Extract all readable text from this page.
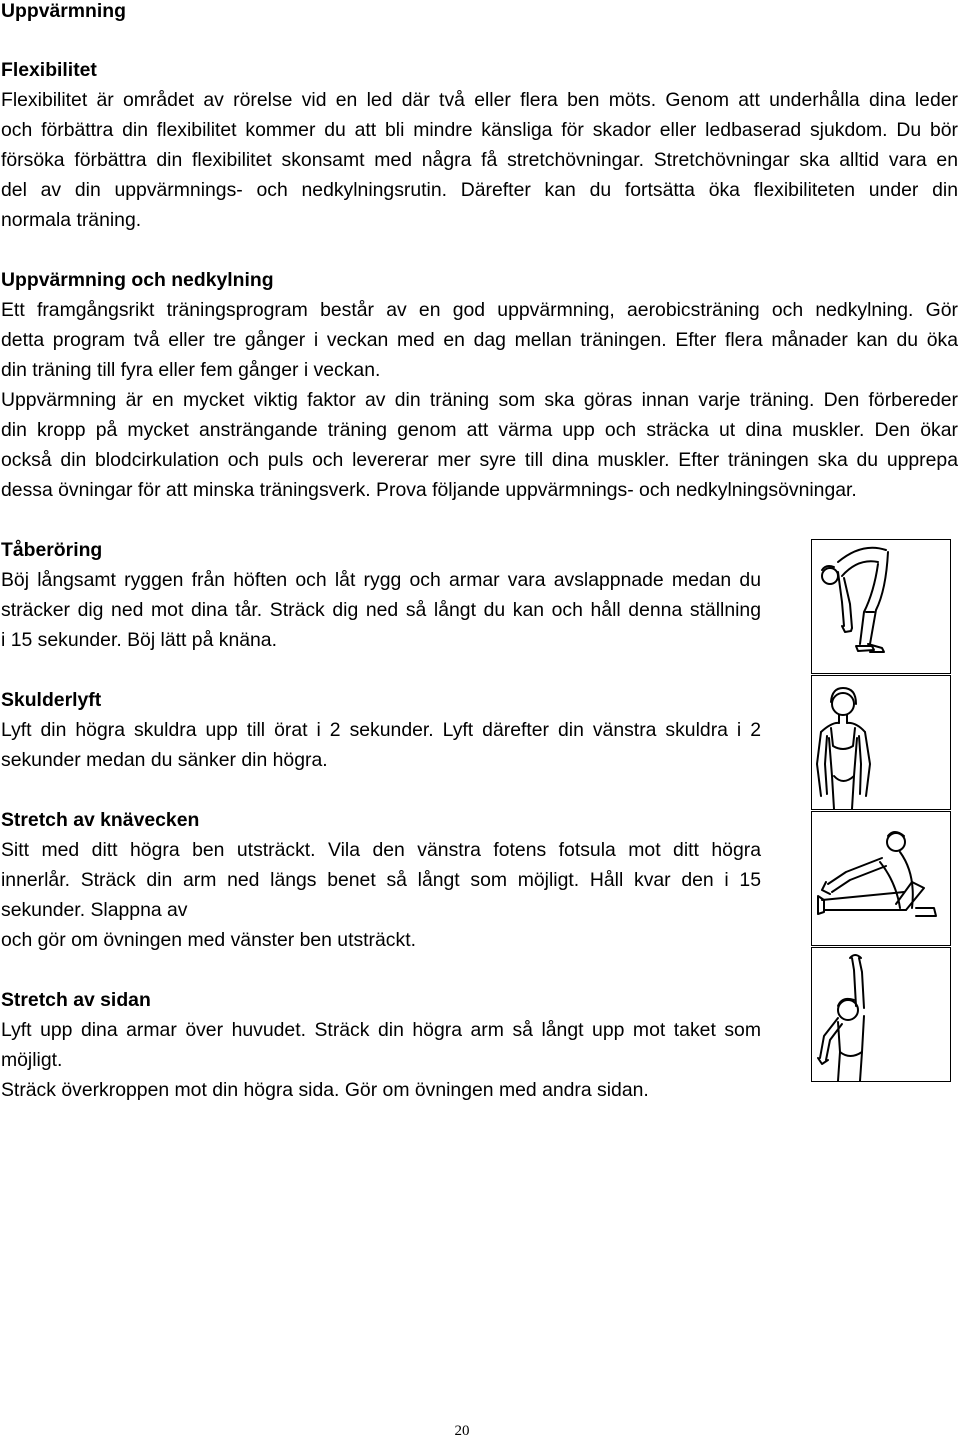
Uppvärmning
Flexibilitet
Flexibilitet är området av rörelse vid en led där två eller flera ben möts. Genom att underhålla dina leder
och förbättra din flexibilitet kommer du att bli mindre känsliga för skador eller ledbaserad sjukdom. Du bör
försöka förbättra din flexibilitet skonsamt med några få stretchövningar. Stretchövningar ska alltid vara en
del av din uppvärmnings- och nedkylningsrutin. Därefter kan du fortsätta öka flexibiliteten under din
normala träning.
Uppvärmning och nedkylning
Ett framgångsrikt träningsprogram består av en god uppvärmning, aerobicsträning och nedkylning. Gör
detta program två eller tre gånger i veckan med en dag mellan träningen. Efter flera månader kan du öka
din träning till fyra eller fem gånger i veckan.
Uppvärmning är en mycket viktig faktor av din träning som ska göras innan varje träning. Den förbereder
din kropp på mycket ansträngande träning genom att värma upp och sträcka ut dina muskler. Den ökar
också din blodcirkulation och puls och levererar mer syre till dina muskler. Efter träningen ska du upprepa
dessa övningar för att minska träningsverk. Prova följande uppvärmnings- och nedkylningsövningar.
Tåberöring
Böj långsamt ryggen från höften och låt rygg och armar vara avslappnade medan du
sträcker dig ned mot dina tår. Sträck dig ned så långt du kan och håll denna ställning
i 15 sekunder. Böj lätt på knäna.
Skulderlyft
Lyft din högra skuldra upp till örat i 2 sekunder. Lyft därefter din vänstra skuldra i 2
sekunder medan du sänker din högra.
Stretch av knävecken
Sitt med ditt högra ben utsträckt. Vila den vänstra fotens fotsula mot ditt högra
innerlår. Sträck din arm ned längs benet så långt som möjligt. Håll kvar den i 15
sekunder. Slappna av
och gör om övningen med vänster ben utsträckt.
Stretch av sidan
Lyft upp dina armar över huvudet. Sträck din högra arm så långt upp mot taket som
möjligt.
Sträck överkroppen mot din högra sida. Gör om övningen med andra sidan.
20
